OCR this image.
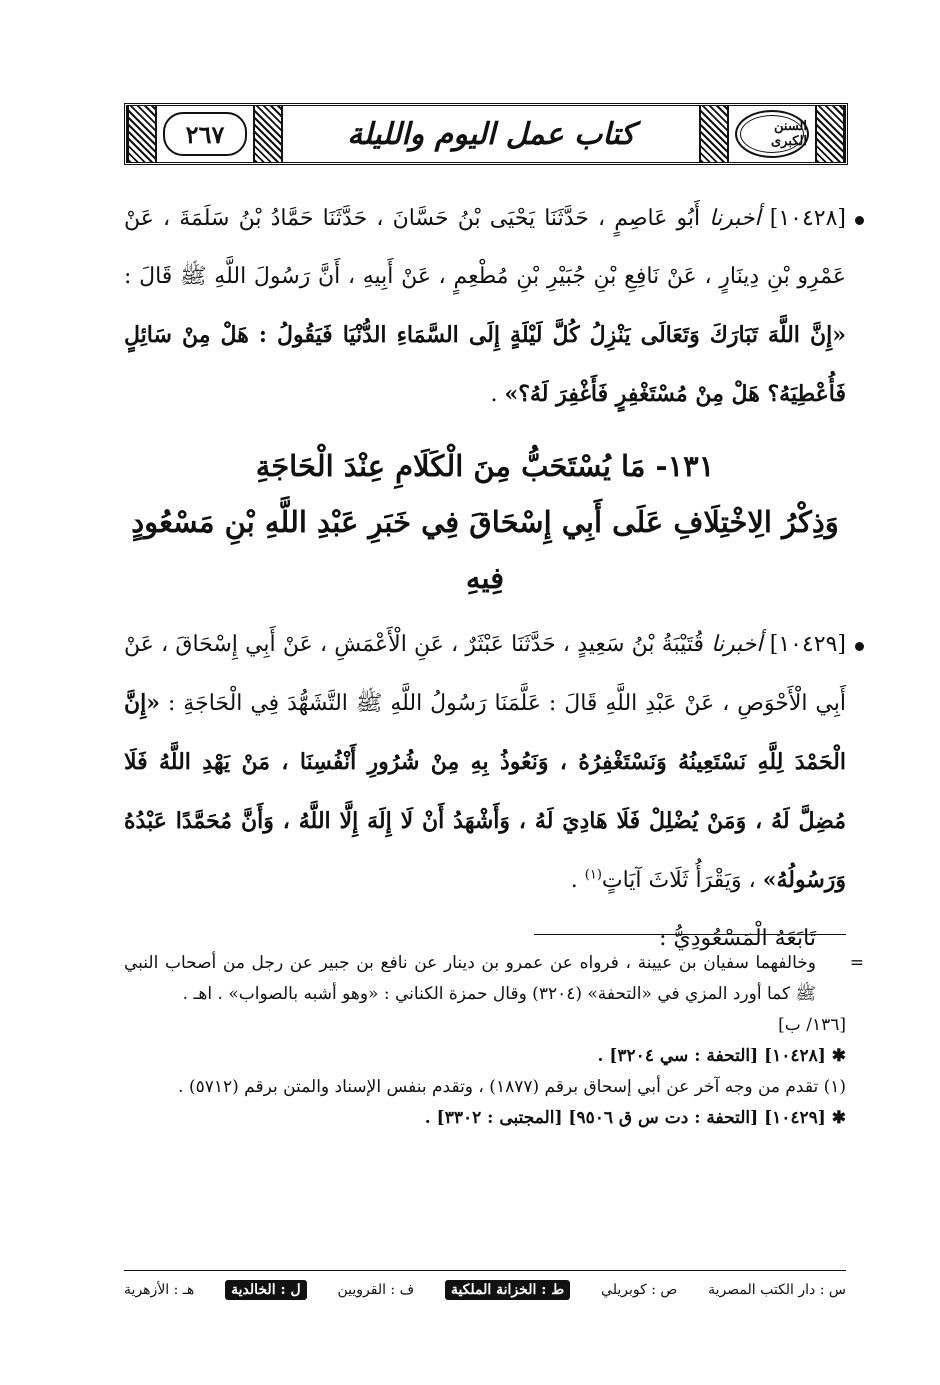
السنن الكبرى
كتاب عمل اليوم والليلة
٢٦٧
[١٠٤٢٨] أخبرنا أَبُو عَاصِمٍ ، حَدَّثَنَا يَحْيَى بْنُ حَسَّانَ ، حَدَّثَنَا حَمَّادُ بْنُ سَلَمَةَ ، عَنْ عَمْرِو بْنِ دِينَارٍ ، عَنْ نَافِعِ بْنِ جُبَيْرِ بْنِ مُطْعِمٍ ، عَنْ أَبِيهِ ، أَنَّ رَسُولَ اللَّهِ ﷺ قَالَ : «إِنَّ اللَّهَ تَبَارَكَ وَتَعَالَى يَنْزِلُ كُلَّ لَيْلَةٍ إِلَى السَّمَاءِ الدُّنْيَا فَيَقُولُ : هَلْ مِنْ سَائِلٍ فَأُعْطِيَهُ؟ هَلْ مِنْ مُسْتَغْفِرٍ فَأَغْفِرَ لَهُ؟» .
١٣١- مَا يُسْتَحَبُّ مِنَ الْكَلَامِ عِنْدَ الْحَاجَةِ
وَذِكْرُ الِاخْتِلَافِ عَلَى أَبِي إِسْحَاقَ فِي خَبَرِ عَبْدِ اللَّهِ بْنِ مَسْعُودٍ فِيهِ
[١٠٤٢٩] أخبرنا قُتَيْبَةُ بْنُ سَعِيدٍ ، حَدَّثَنَا عَبْثَرٌ ، عَنِ الْأَعْمَشِ ، عَنْ أَبِي إِسْحَاقَ ، عَنْ أَبِي الْأَحْوَصِ ، عَنْ عَبْدِ اللَّهِ قَالَ : عَلَّمَنَا رَسُولُ اللَّهِ ﷺ التَّشَهُّدَ فِي الْحَاجَةِ : «إِنَّ الْحَمْدَ لِلَّهِ نَسْتَعِينُهُ وَنَسْتَغْفِرُهُ ، وَنَعُوذُ بِهِ مِنْ شُرُورِ أَنْفُسِنَا ، مَنْ يَهْدِ اللَّهُ فَلَا مُضِلَّ لَهُ ، وَمَنْ يُضْلِلْ فَلَا هَادِيَ لَهُ ، وَأَشْهَدُ أَنْ لَا إِلَهَ إِلَّا اللَّهُ ، وَأَنَّ مُحَمَّدًا عَبْدُهُ وَرَسُولُهُ» ، وَيَقْرَأُ ثَلَاثَ آيَاتٍ$^{(١)}$ .
تَابَعَهُ الْمَسْعُودِيُّ :
=
وخالفهما سفيان بن عيينة ، فرواه عن عمرو بن دينار عن نافع بن جبير عن رجل من أصحاب النبي ﷺ كما أورد المزي في «التحفة» (٣٢٠٤) وقال حمزة الكناني : «وهو أشبه بالصواب» . اهـ .
[١٣٦/ ب]
✱ [١٠٤٢٨] [التحفة : سي ٣٢٠٤] .
(١) تقدم من وجه آخر عن أبي إسحاق برقم (١٨٧٧) ، وتقدم بنفس الإسناد والمتن برقم (٥٧١٢) .
✱ [١٠٤٢٩] [التحفة : دت س ق ٩٥٠٦] [المجتبى : ٣٣٠٢] .
س : دار الكتب المصرية
ص : كوبريلي
ط : الخزانة الملكية
ف : القرويين
ل : الخالدية
هـ : الأزهرية
